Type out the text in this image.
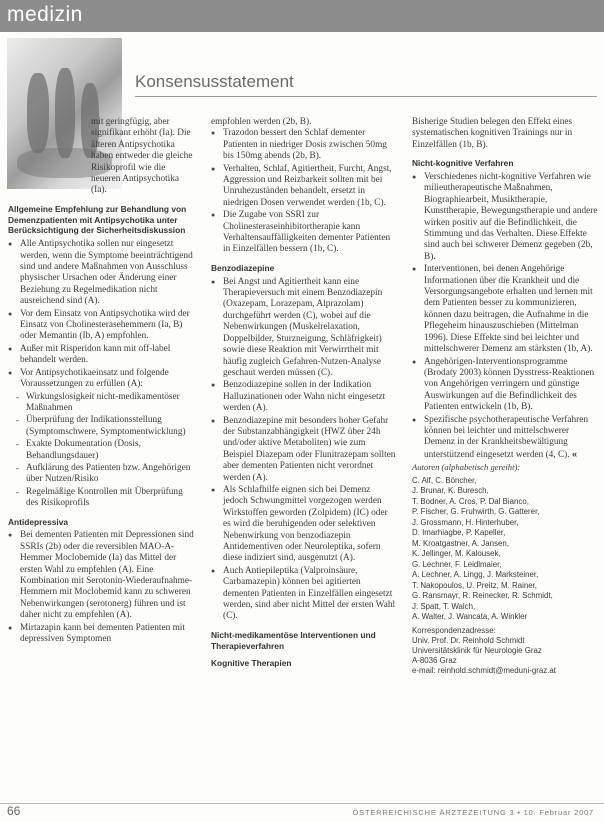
medizin
Konsensusstatement

mit geringfügig, aber signifikant erhöht (Ia). Die älteren Antipsychotika haben entweder die gleiche Risikoprofil wie die neueren Antipsychotika (Ia).

Allgemeine Empfehlung zur Behandlung von Demenzpatienten mit Antipsychotika unter Berücksichtigung der Sicherheitsdiskussion

● Alle Antipsychotika sollen nur eingesetzt werden, wenn die Symptome beeinträchtigend sind und andere Maßnahmen von Ausschluss physischer Ursachen oder Änderung einer Beziehung zu Regelmedikation nicht ausreichend sind (A).
● Vor dem Einsatz von Antipsychotika wird der Einsatz von Cholinesterasehemmern (Ia, B) oder Memantin (Ib, A) empfohlen.
● Außer mit Risperidon kann mit off-label behandelt werden.
● Vor Antipsychotikaeinsatz und folgende Voraussetzungen zu erfüllen (A):
- Wirkungslosigkeit nicht-medikamentöser Maßnahmen
- Überprüfung der Indikationsstellung (Symptomschwere, Symptomentwicklung)
- Exakte Dokumentation (Dosis, Behandlungsdauer)
- Aufklärung des Patienten bzw. Angehörigen über Nutzen/Risiko
- Regelmäßige Kontrollen mit Überprüfung des Risikoprofils

Antidepressiva

● Bei dementen Patienten mit Depressionen sind SSRIs (2b) oder die reversiblen MAO-A-Hemmer Moclobemide (Ia) das Mittel der ersten Wahl zu empfehlen (A). Eine Kombination mit Serotonin-Wiederaufnahme-Hemmern mit Moclobemid kann zu schweren Nebenwirkungen (serotonerg) führen und ist daher nicht zu empfehlen (A).
● Mirtazapin kann bei dementen Patienten mit depressiven Symptomen

empfohlen werden (2b, B).

● Trazodon bessert den Schlaf dementer Patienten in niedriger Dosis zwischen 50mg bis 150mg abends (2b, B).
● Verhalten, Schlaf, Agitiertheit, Furcht, Angst, Aggression und Reizbarkeit sollten mit bei Unruhezuständen behandelt, ersetzt in niedrigen Dosen verwendet werden (1b, C).
● Die Zugabe von SSRI zur Cholinesteraseinhibitortherapie kann Verhaltensauffälligkeiten dementer Patienten in Einzelfällen bessern (1b, C).

Benzodiazepine

● Bei Angst und Agitiertheit kann eine Therapieversuch mit einem Benzodiazepin (Oxazepam, Lorazepam, Alprazolam) durchgeführt werden (C), wobei auf die Nebenwirkungen (Muskelrelaxation, Doppelbilder, Sturzneigung, Schläfrigkeit) sowie diese Reaktion mit Verwirrtheit mit häufig zugleich Gefahren-Nutzen-Analyse geschaut werden müssen (C).
● Benzodiazepine sollen in der Indikation Halluzinationen oder Wahn nicht eingesetzt werden (A).
● Benzodiazepine mit besonders hoher Gefahr der Substanzabhängigkeit (HWZ über 24h und/oder aktive Metaboliten) wie zum Beispiel Diazepam oder Flunitrazepam sollten aber dementen Patienten nicht verordnet werden (A).
● Als Schlafhilfe eignen sich bei Demenz jedoch Schwungmittel vorgezogen werden Wirkstoffen geworden (Zolpidem) (IC) oder es wird die beruhigenden oder selektiven Nebenwirkung von benzodiazepin Antidementiven oder Neuroleptika, sofern diese indiziert sind, ausgenutzt (A).
● Auch Antiepileptika (Valproinsäure, Carbamazepin) können bei agitierten dementen Patienten in Einzelfällen eingesetzt werden, sind aber nicht Mittel der ersten Wahl (C).

Nicht-medikamentöse Interventionen und Therapieverfahren

Kognitive Therapien

Bisherige Studien belegen den Effekt eines systematischen kognitiven Trainings nur in Einzelfällen (1b, B).

Nicht-kognitive Verfahren

● Verschiedenes nicht-kognitive Verfahren wie milieutherapeutische Maßnahmen, Biographiearbeit, Musiktherapie, Kunsttherapie, Bewegungstherapie und andere wirken positiv auf die Befindlichkeit, die Stimmung und das Verhalten. Diese Effekte sind auch bei schwerer Demenz gegeben (2b, B).
● Interventionen, bei denen Angehörige Informationen über die Krankheit und die Versorgungsangebote erhalten und lernen mit dem Patienten besser zu kommunizieren, können dazu beitragen, die Aufnahme in die Pflegeheim hinauszuschieben (Mittelman 1996). Diese Effekte sind bei leichter und mittelschwerer Demenz am stärksten (1b, A).
● Angehörigen-Interventionsprogramme (Brodaty 2003) können Dysstress-Reaktionen von Angehörigen verringern und günstige Auswirkungen auf die Befindlichkeit des Patienten entwickeln (1b, B).
● Spezifische psychotherapeutische Verfahren können bei leichter und mittelschwerer Demenz in der Krankheitsbewältigung unterstützend eingesetzt werden (4, C). «

Autoren (alphabetisch gereiht):

C. Alf, C. Böncher,
J. Brunar, K. Buresch,
T. Bodner, A. Cros, P. Dal Bianco,
P. Fischer, G. Fruhwirth, G. Gatterer,
J. Grossmann, H. Hinterhuber,
D. Imarhiagbe, P. Kapeller,
M. Kroatgastner, A. Jansen,
K. Jellinger, M. Kalousek,
G. Lechner, F. Leidlmaier,
A. Lechner, A. Lingg, J. Marksteiner,
T. Nakopoulos, U. Preitz, M. Rainer,
G. Ransmayr, R. Reinecker, R. Schmidt,
J. Spatt, T. Walch,
A. Walter, J. Wancata, A. Winkler
Korrespondenzadresse:
Univ. Prof. Dr. Reinhold Schmidt
Universitätsklinik für Neurologie Graz
A-8036 Graz
e-mail: reinhold.schmidt@meduni-graz.at
66	ÖSTERREICHISCHE ÄRZTEZEITUNG 3 • 10. Februar 2007
